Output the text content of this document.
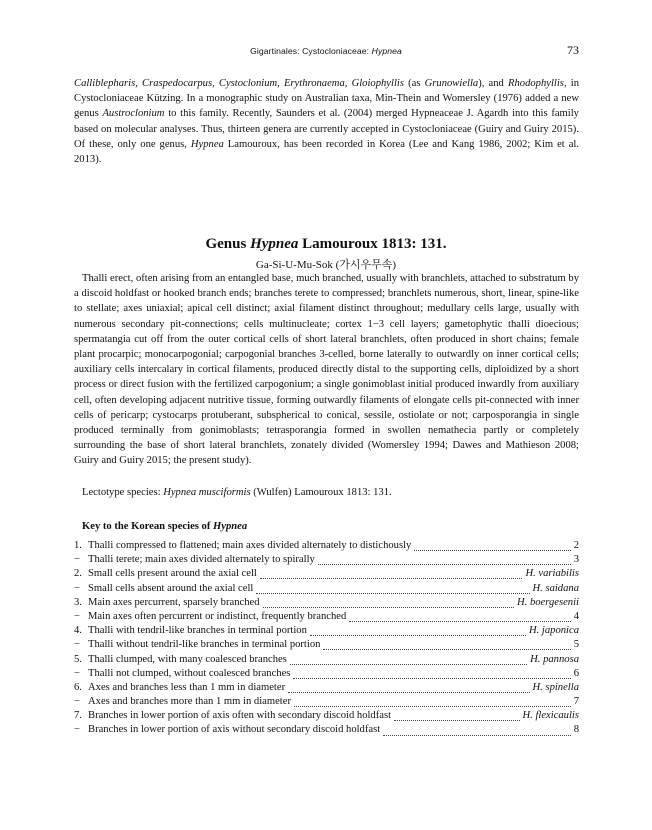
Gigartinales: Cystocloniaceae: Hypnea	73
Calliblepharis, Craspedocarpus, Cystoclonium, Erythronaema, Gloiophyllis (as Grunowiella), and Rhodophyllis, in Cystocloniaceae Kützing. In a monographic study on Australian taxa, Min-Thein and Womersley (1976) added a new genus Austroclonium to this family. Recently, Saunders et al. (2004) merged Hypneaceae J. Agardh into this family based on molecular analyses. Thus, thirteen genera are currently accepted in Cystocloniaceae (Guiry and Guiry 2015). Of these, only one genus, Hypnea Lamouroux, has been recorded in Korea (Lee and Kang 1986, 2002; Kim et al. 2013).
Genus Hypnea Lamouroux 1813: 131.
Ga-Si-U-Mu-Sok (가시우무속)
Thalli erect, often arising from an entangled base, much branched, usually with branchlets, attached to substratum by a discoid holdfast or hooked branch ends; branches terete to compressed; branchlets numerous, short, linear, spine-like to stellate; axes uniaxial; apical cell distinct; axial filament distinct throughout; medullary cells large, usually with numerous secondary pit-connections; cells multinucleate; cortex 1−3 cell layers; gametophytic thalli dioecious; spermatangia cut off from the outer cortical cells of short lateral branchlets, often produced in short chains; female plant procarpic; monocarpogonial; carpogonial branches 3-celled, borne laterally to outwardly on inner cortical cells; auxiliary cells intercalary in cortical filaments, produced directly distal to the supporting cells, diploidized by a short process or direct fusion with the fertilized carpogonium; a single gonimoblast initial produced inwardly from auxiliary cell, often developing adjacent nutritive tissue, forming outwardly filaments of elongate cells pit-connected with inner cells of pericarp; cystocarps protuberant, subspherical to conical, sessile, ostiolate or not; carposporangia in single produced terminally from gonimoblasts; tetrasporangia formed in swollen nemathecia partly or completely surrounding the base of short lateral branchlets, zonately divided (Womersley 1994; Dawes and Mathieson 2008; Guiry and Guiry 2015; the present study).
Lectotype species: Hypnea musciformis (Wulfen) Lamouroux 1813: 131.
Key to the Korean species of Hypnea
1. Thalli compressed to flattened; main axes divided alternately to distichously	2
− Thalli terete; main axes divided alternately to spirally	3
2. Small cells present around the axial cell	H. variabilis
− Small cells absent around the axial cell	H. saidana
3. Main axes percurrent, sparsely branched	H. boergesenii
− Main axes often percurrent or indistinct, frequently branched	4
4. Thalli with tendril-like branches in terminal portion	H. japonica
− Thalli without tendril-like branches in terminal portion	5
5. Thalli clumped, with many coalesced branches	H. pannosa
− Thalli not clumped, without coalesced branches	6
6. Axes and branches less than 1 mm in diameter	H. spinella
− Axes and branches more than 1 mm in diameter	7
7. Branches in lower portion of axis often with secondary discoid holdfast	H. flexicaulis
− Branches in lower portion of axis without secondary discoid holdfast	8
